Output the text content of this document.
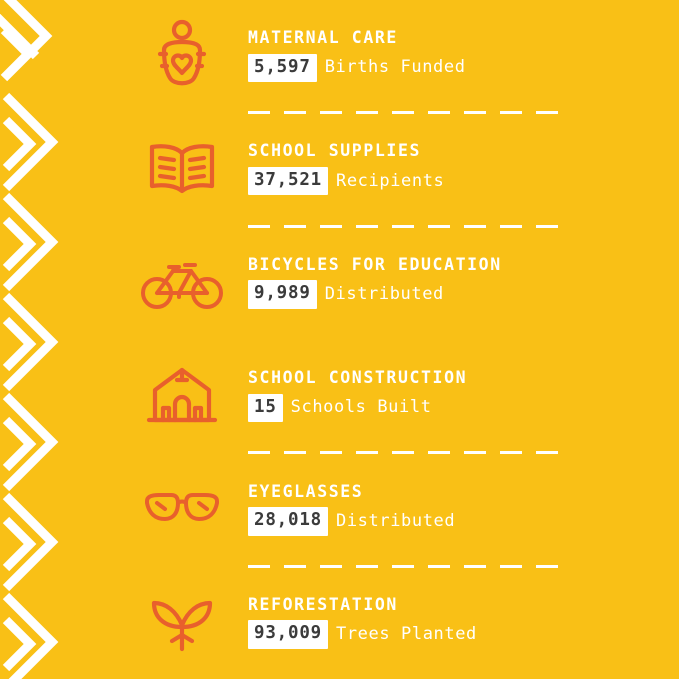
MATERNAL CARE
5,597 Births Funded
SCHOOL SUPPLIES
37,521 Recipients
BICYCLES FOR EDUCATION
9,989 Distributed
SCHOOL CONSTRUCTION
15 Schools Built
EYEGLASSES
28,018 Distributed
REFORESTATION
93,009 Trees Planted
